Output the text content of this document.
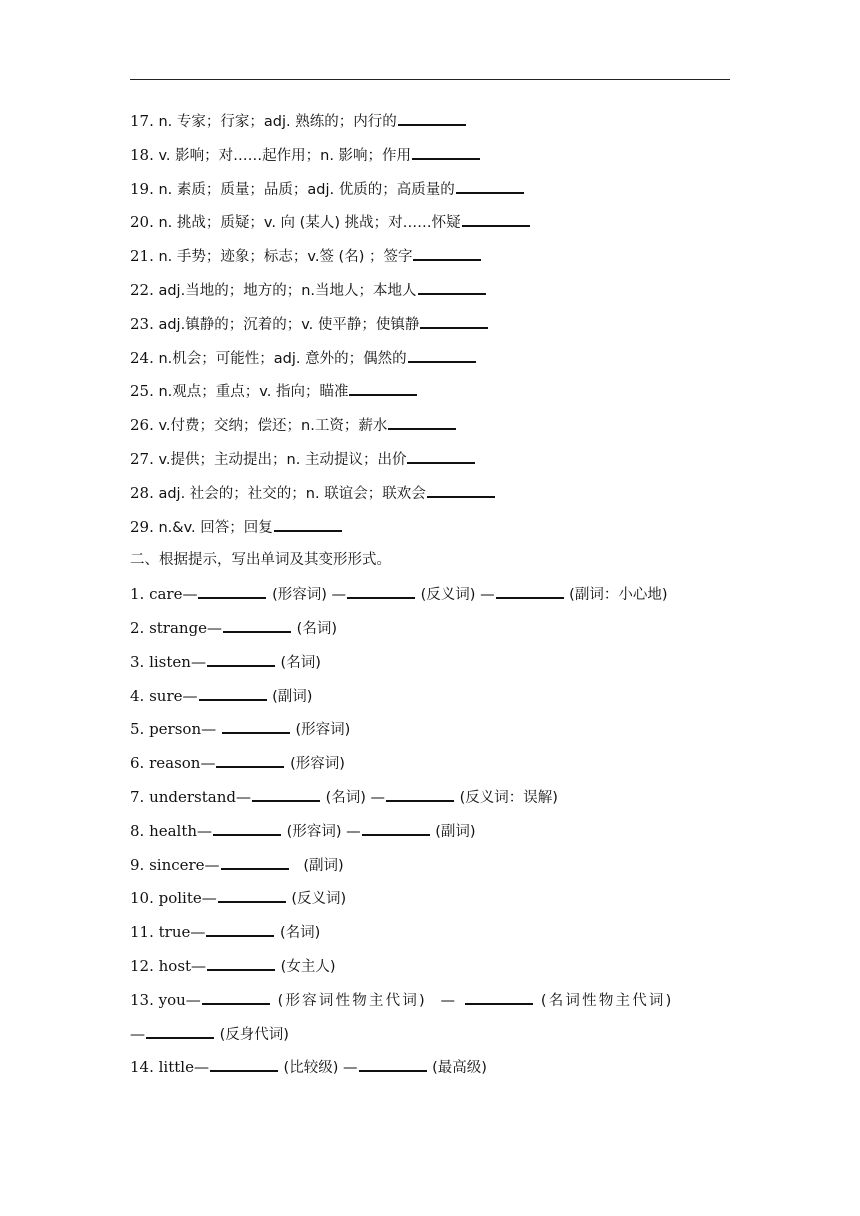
17. n. 专家；行家；adj. 熟练的；内行的
18. v. 影响；对……起作用；n. 影响；作用
19. n. 素质；质量；品质；adj. 优质的；高质量的
20. n. 挑战；质疑；v. 向 (某人) 挑战；对……怀疑
21. n. 手势；迹象；标志；v.签 (名) ；签字
22. adj.当地的；地方的；n.当地人；本地人
23. adj.镇静的；沉着的；v. 使平静；使镇静
24. n.机会；可能性；adj. 意外的；偶然的
25. n.观点；重点；v. 指向；瞄准
26. v.付费；交纳；偿还；n.工资；薪水
27. v.提供；主动提出；n. 主动提议；出价
28. adj. 社会的；社交的；n. 联谊会；联欢会
29. n.&v. 回答；回复
二、根据提示，写出单词及其变形形式。
1. care—	(形容词) —	(反义词) —	(副词：小心地)
2. strange—	(名词)
3. listen—	(名词)
4. sure—	(副词)
5. person—	(形容词)
6. reason—	(形容词)
7. understand—	(名词) —	(反义词：误解)
8. health—	(形容词) —	(副词)
9. sincere—	(副词)
10. polite—	(反义词)
11. true—	(名词)
12. host—	(女主人)
13. you—	(形容词性物主代词)  —	(名词性物主代词)
—	(反身代词)
14. little—	(比较级) —	(最高级)
